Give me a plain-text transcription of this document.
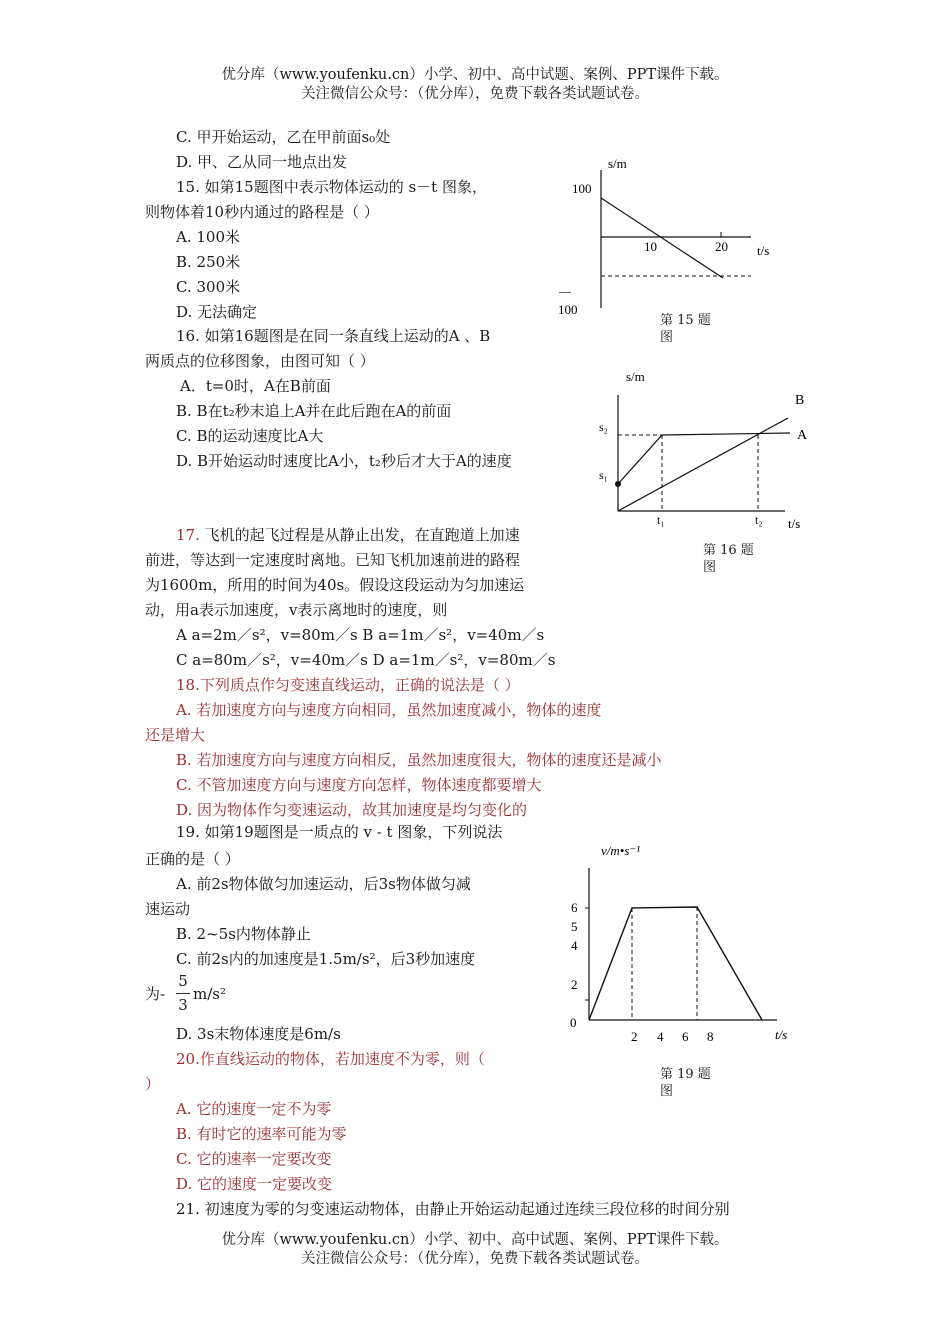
优分库（www.youfenku.cn）小学、初中、高中试题、案例、PPT课件下载。
关注微信公众号：（优分库），免费下载各类试题试卷。
C. 甲开始运动，乙在甲前面s₀处
D. 甲、乙从同一地点出发
15. 如第15题图中表示物体运动的 s－t 图象，
则物体着10秒内通过的路程是（ ）
A. 100米
B. 250米
C. 300米
D. 无法确定
s/m
100
10	20 t/s
—
100
第 15 题
图
16. 如第16题图是在同一条直线上运动的A 、B
两质点的位移图象，由图可知（ ）
A．t=0时，A在B前面
B. B在t₂秒末追上A并在此后跑在A的前面
C. B的运动速度比A大
D. B开始运动时速度比A小，t₂秒后才大于A的速度
s/m
s₂
s₁
t₁	t₂ t/s
B
A
第 16 题
图
17. 飞机的起飞过程是从静止出发，在直跑道上加速
前进，等达到一定速度时离地。已知飞机加速前进的路程
为1600m，所用的时间为40s。假设这段运动为匀加速运
动，用a表示加速度，v表示离地时的速度，则
A a=2m／s²，v=80m／s B a=1m／s²，v=40m／s
C a=80m／s²，v=40m／s D a=1m／s²，v=80m／s
18.下列质点作匀变速直线运动，正确的说法是（ ）
A. 若加速度方向与速度方向相同，虽然加速度减小，物体的速度
还是增大
B. 若加速度方向与速度方向相反，虽然加速度很大，物体的速度还是减小
C. 不管加速度方向与速度方向怎样，物体速度都要增大
D. 因为物体作匀变速运动，故其加速度是均匀变化的
19. 如第19题图是一质点的 v - t 图象，下列说法
正确的是（ ）
A. 前2s物体做匀加速运动，后3s物体做匀减
速运动
B. 2~5s内物体静止
C. 前2s内的加速度是1.5m/s²，后3秒加速度
为-
5
3
m/s²
D. 3s末物体速度是6m/s
v/m•s⁻¹
6
5
4
2
0
2 4 6 8	t/s
第 19 题
图
20.作直线运动的物体，若加速度不为零，则（
）
A. 它的速度一定不为零
B. 有时它的速率可能为零
C. 它的速率一定要改变
D. 它的速度一定要改变
21. 初速度为零的匀变速运动物体，由静止开始运动起通过连续三段位移的时间分别
优分库（www.youfenku.cn）小学、初中、高中试题、案例、PPT课件下载。
关注微信公众号：（优分库），免费下载各类试题试卷。
